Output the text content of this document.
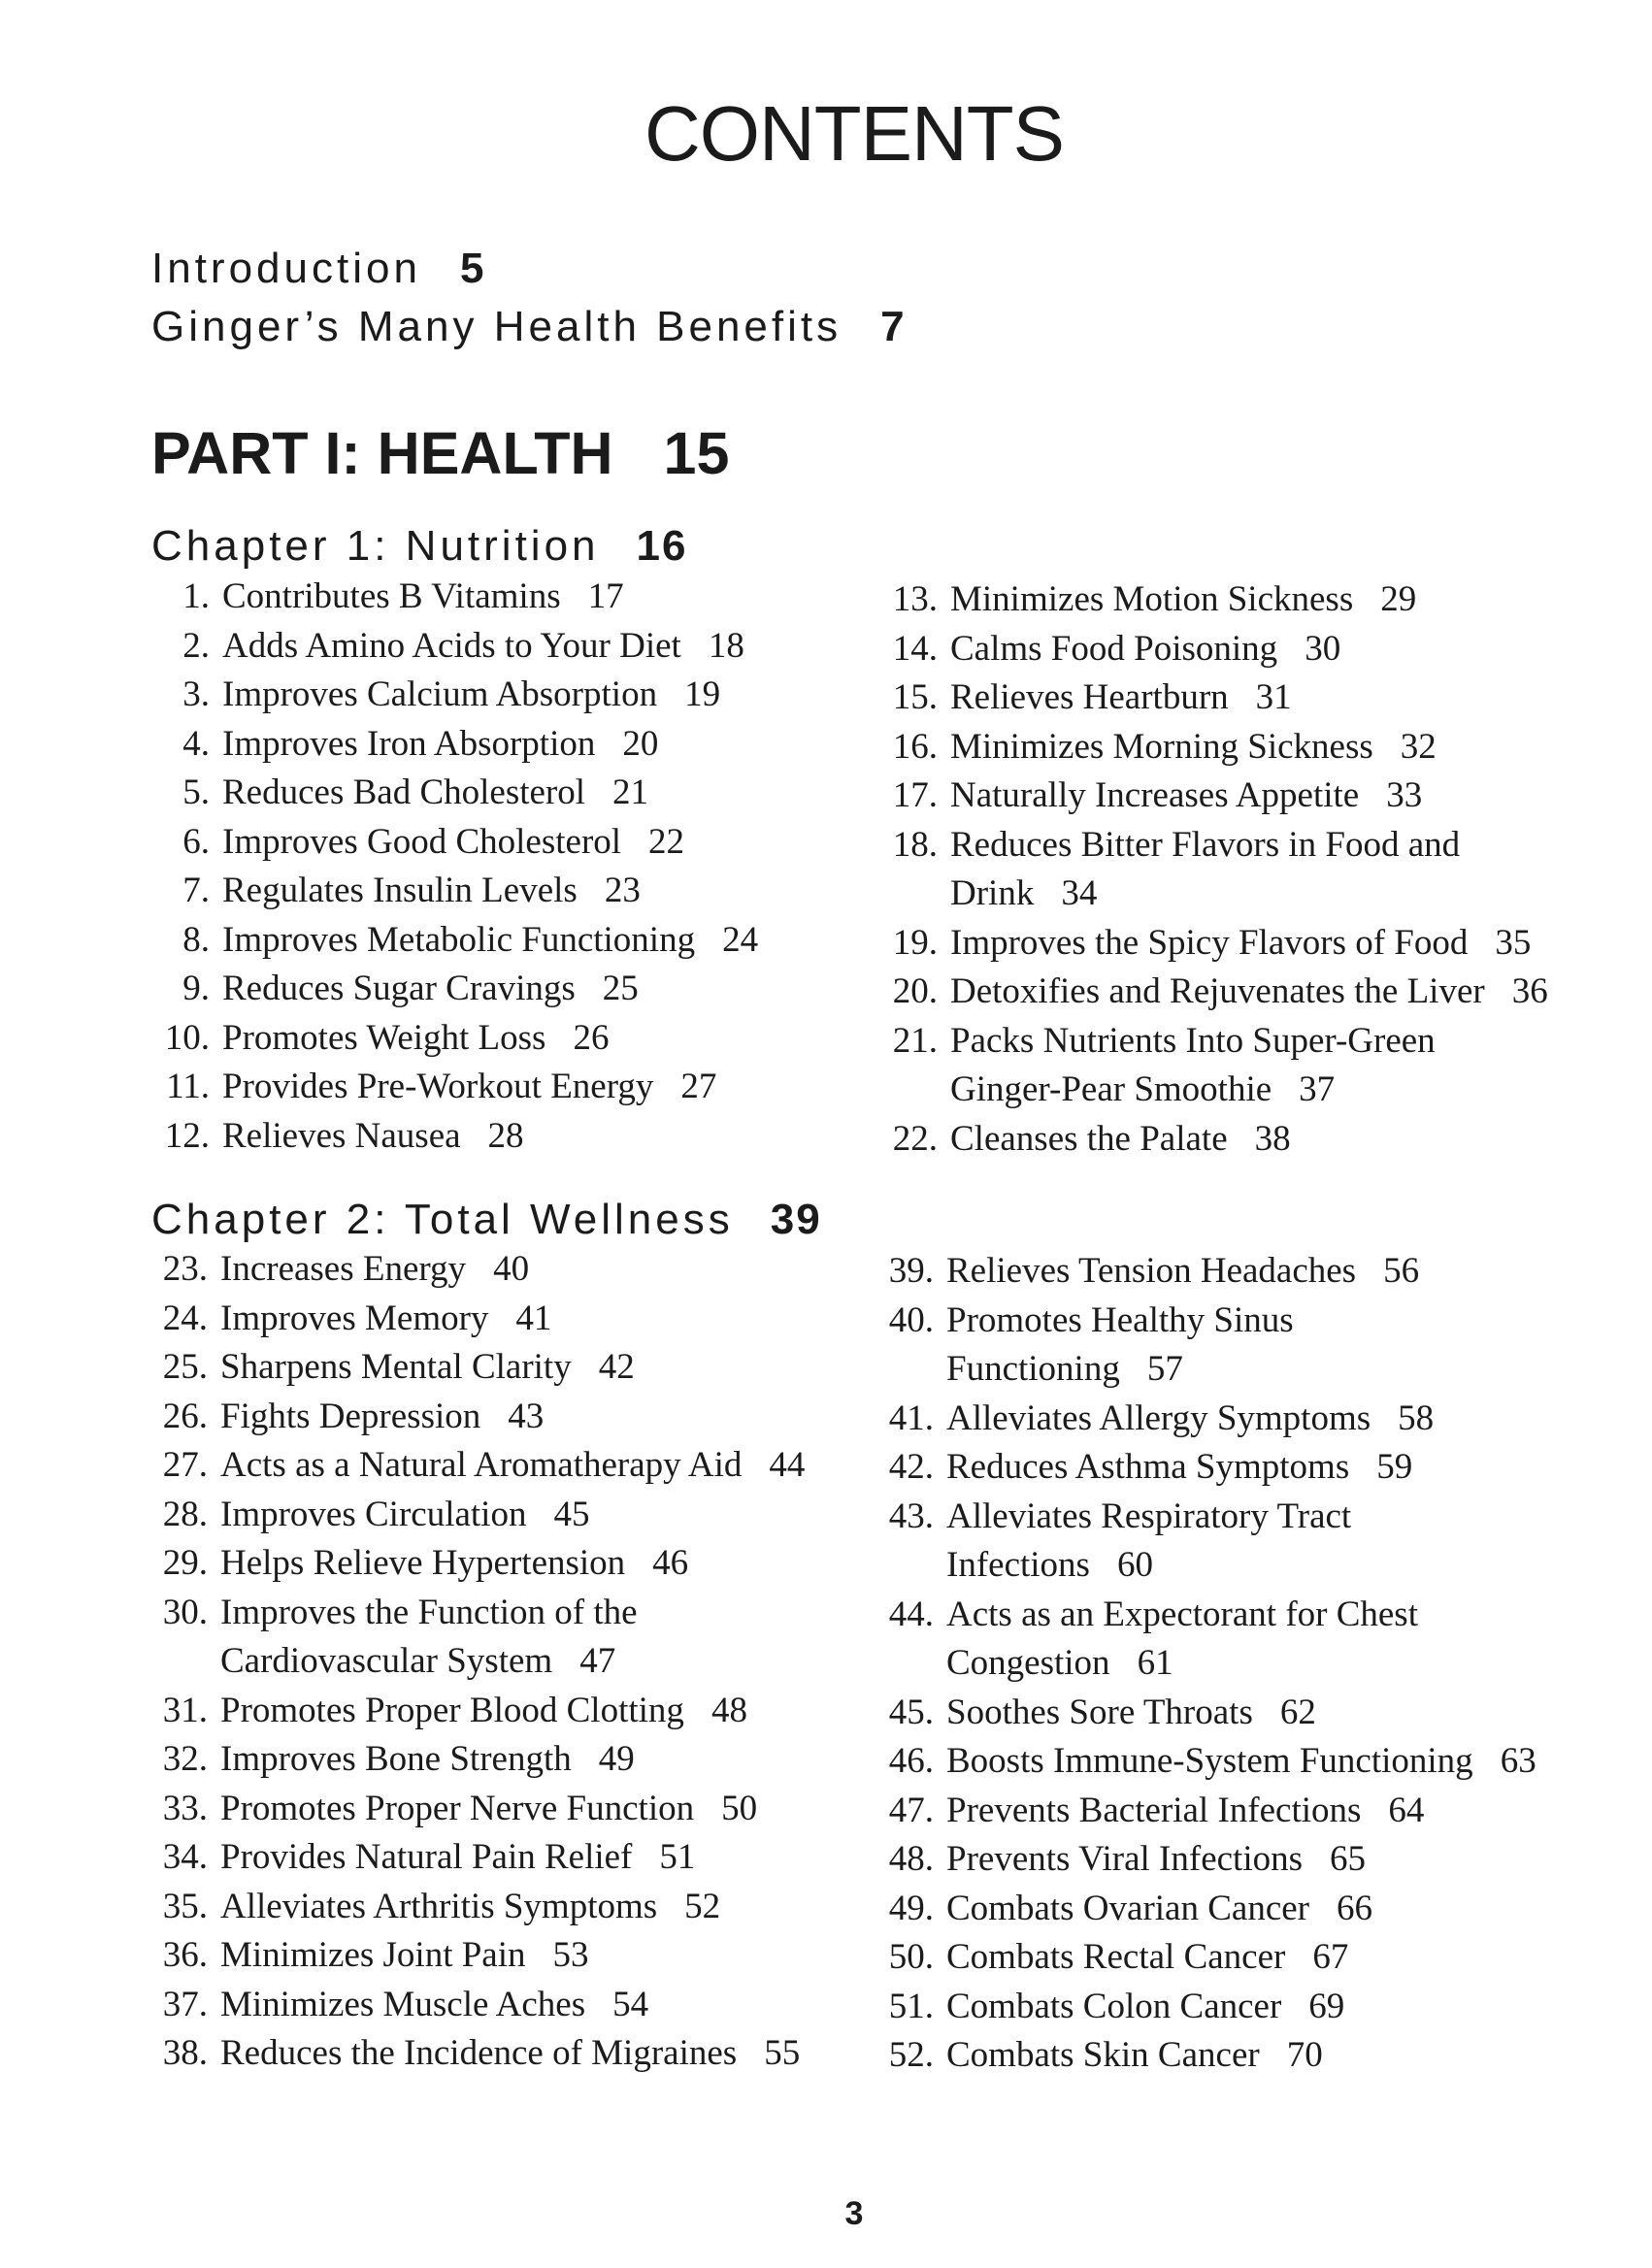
CONTENTS
Introduction 5
Ginger’s Many Health Benefits 7
PART I: HEALTH 15
Chapter 1: Nutrition 16
Chapter 2: Total Wellness 39
1. Contributes B Vitamins 17
2. Adds Amino Acids to Your Diet 18
3. Improves Calcium Absorption 19
4. Improves Iron Absorption 20
5. Reduces Bad Cholesterol 21
6. Improves Good Cholesterol 22
7. Regulates Insulin Levels 23
8. Improves Metabolic Functioning 24
9. Reduces Sugar Cravings 25
10. Promotes Weight Loss 26
11. Provides Pre-Workout Energy 27
12. Relieves Nausea 28
13. Minimizes Motion Sickness 29
14. Calms Food Poisoning 30
15. Relieves Heartburn 31
16. Minimizes Morning Sickness 32
17. Naturally Increases Appetite 33
18. Reduces Bitter Flavors in Food and
Drink 34
19. Improves the Spicy Flavors of Food 35
20. Detoxifies and Rejuvenates the Liver 36
21. Packs Nutrients Into Super-Green
Ginger-Pear Smoothie 37
22. Cleanses the Palate 38
23. Increases Energy 40
24. Improves Memory 41
25. Sharpens Mental Clarity 42
26. Fights Depression 43
27. Acts as a Natural Aromatherapy Aid 44
28. Improves Circulation 45
29. Helps Relieve Hypertension 46
30. Improves the Function of the
Cardiovascular System 47
31. Promotes Proper Blood Clotting 48
32. Improves Bone Strength 49
33. Promotes Proper Nerve Function 50
34. Provides Natural Pain Relief 51
35. Alleviates Arthritis Symptoms 52
36. Minimizes Joint Pain 53
37. Minimizes Muscle Aches 54
38. Reduces the Incidence of Migraines 55
39. Relieves Tension Headaches 56
40. Promotes Healthy Sinus
Functioning 57
41. Alleviates Allergy Symptoms 58
42. Reduces Asthma Symptoms 59
43. Alleviates Respiratory Tract
Infections 60
44. Acts as an Expectorant for Chest
Congestion 61
45. Soothes Sore Throats 62
46. Boosts Immune-System Functioning 63
47. Prevents Bacterial Infections 64
48. Prevents Viral Infections 65
49. Combats Ovarian Cancer 66
50. Combats Rectal Cancer 67
51. Combats Colon Cancer 69
52. Combats Skin Cancer 70
3
